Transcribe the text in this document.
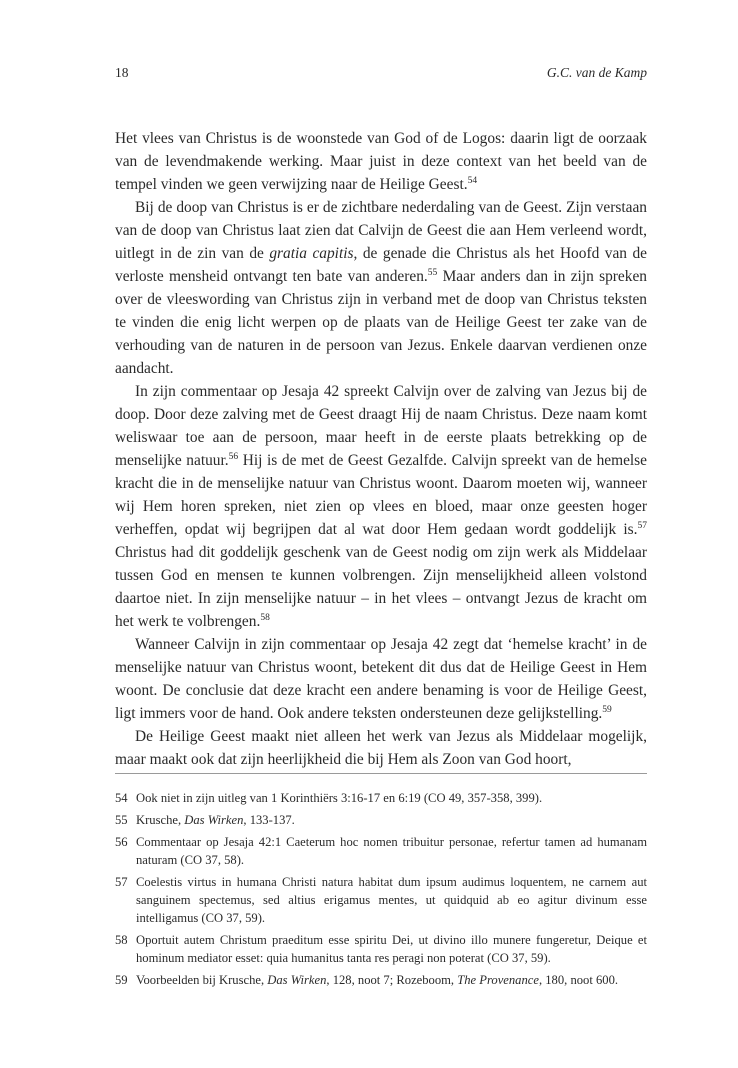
18	G.C. van de Kamp

Het vlees van Christus is de woonstede van God of de Logos: daarin ligt de oorzaak van de levendmakende werking. Maar juist in deze context van het beeld van de tempel vinden we geen verwijzing naar de Heilige Geest.$^{54}$

Bij de doop van Christus is er de zichtbare nederdaling van de Geest. Zijn verstaan van de doop van Christus laat zien dat Calvijn de Geest die aan Hem verleend wordt, uitlegt in de zin van de gratia capitis, de genade die Christus als het Hoofd van de verloste mensheid ontvangt ten bate van anderen.$^{55}$ Maar anders dan in zijn spreken over de vleeswording van Christus zijn in verband met de doop van Christus teksten te vinden die enig licht werpen op de plaats van de Heilige Geest ter zake van de verhouding van de naturen in de persoon van Jezus. Enkele daarvan verdienen onze aandacht.

In zijn commentaar op Jesaja 42 spreekt Calvijn over de zalving van Jezus bij de doop. Door deze zalving met de Geest draagt Hij de naam Christus. Deze naam komt weliswaar toe aan de persoon, maar heeft in de eerste plaats betrekking op de menselijke natuur.$^{56}$ Hij is de met de Geest Gezalfde. Calvijn spreekt van de hemelse kracht die in de menselijke natuur van Christus woont. Daarom moeten wij, wanneer wij Hem horen spreken, niet zien op vlees en bloed, maar onze geesten hoger verheffen, opdat wij begrijpen dat al wat door Hem gedaan wordt goddelijk is.$^{57}$ Christus had dit goddelijk geschenk van de Geest nodig om zijn werk als Middelaar tussen God en mensen te kunnen volbrengen. Zijn menselijkheid alleen volstond daartoe niet. In zijn menselijke natuur – in het vlees – ontvangt Jezus de kracht om het werk te volbrengen.$^{58}$

Wanneer Calvijn in zijn commentaar op Jesaja 42 zegt dat ‘hemelse kracht’ in de menselijke natuur van Christus woont, betekent dit dus dat de Heilige Geest in Hem woont. De conclusie dat deze kracht een andere benaming is voor de Heilige Geest, ligt immers voor de hand. Ook andere teksten ondersteunen deze gelijkstelling.$^{59}$

De Heilige Geest maakt niet alleen het werk van Jezus als Middelaar mogelijk, maar maakt ook dat zijn heerlijkheid die bij Hem als Zoon van God hoort,

54 Ook niet in zijn uitleg van 1 Korinthiërs 3:16-17 en 6:19 (CO 49, 357-358, 399).
55 Krusche, Das Wirken, 133-137.
56 Commentaar op Jesaja 42:1 Caeterum hoc nomen tribuitur personae, refertur tamen ad humanam naturam (CO 37, 58).
57 Coelestis virtus in humana Christi natura habitat dum ipsum audimus loquentem, ne carnem aut sanguinem spectemus, sed altius erigamus mentes, ut quidquid ab eo agitur divinum esse intelligamus (CO 37, 59).
58 Oportuit autem Christum praeditum esse spiritu Dei, ut divino illo munere fungeretur, Deique et hominum mediator esset: quia humanitus tanta res peragi non poterat (CO 37, 59).
59 Voorbeelden bij Krusche, Das Wirken, 128, noot 7; Rozeboom, The Provenance, 180, noot 600.
